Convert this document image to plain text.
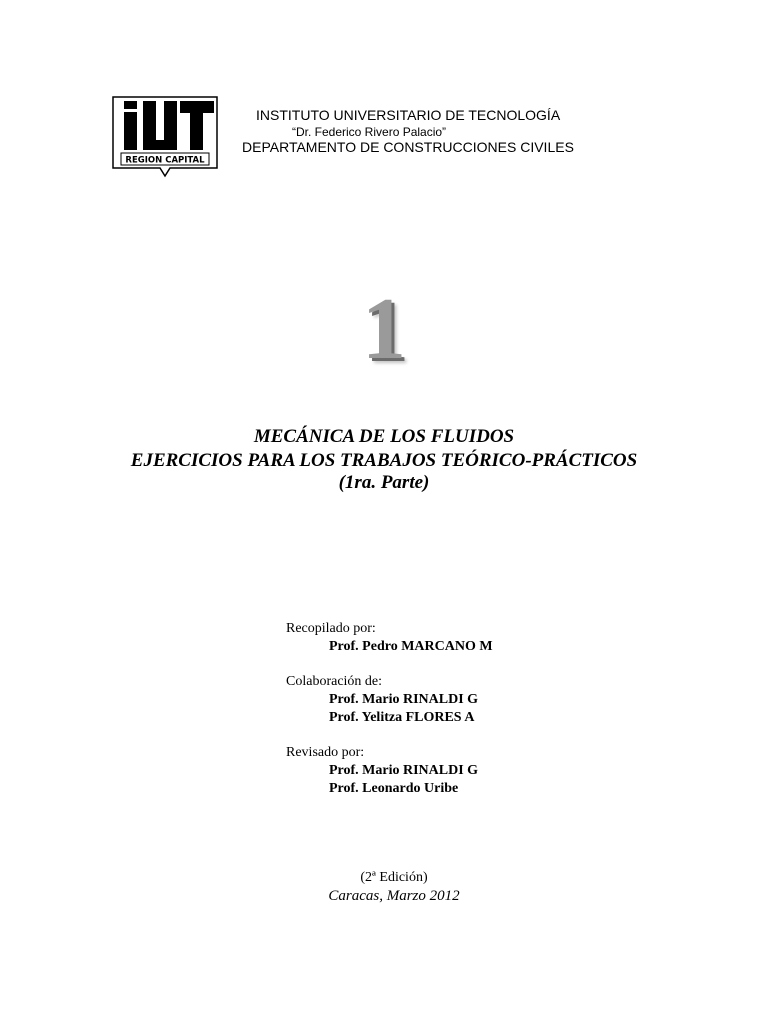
REGION CAPITAL
INSTITUTO UNIVERSITARIO DE TECNOLOGÍA
“Dr. Federico Rivero Palacio”
DEPARTAMENTO DE CONSTRUCCIONES CIVILES
1
MECÁNICA DE LOS FLUIDOS
EJERCICIOS PARA LOS TRABAJOS TEÓRICO-PRÁCTICOS
(1ra. Parte)
Recopilado por:
Prof. Pedro MARCANO M
Colaboración de:
Prof. Mario RINALDI G
Prof. Yelitza FLORES A
Revisado por:
Prof. Mario RINALDI G
Prof. Leonardo Uribe
(2ª Edición)
Caracas, Marzo 2012
